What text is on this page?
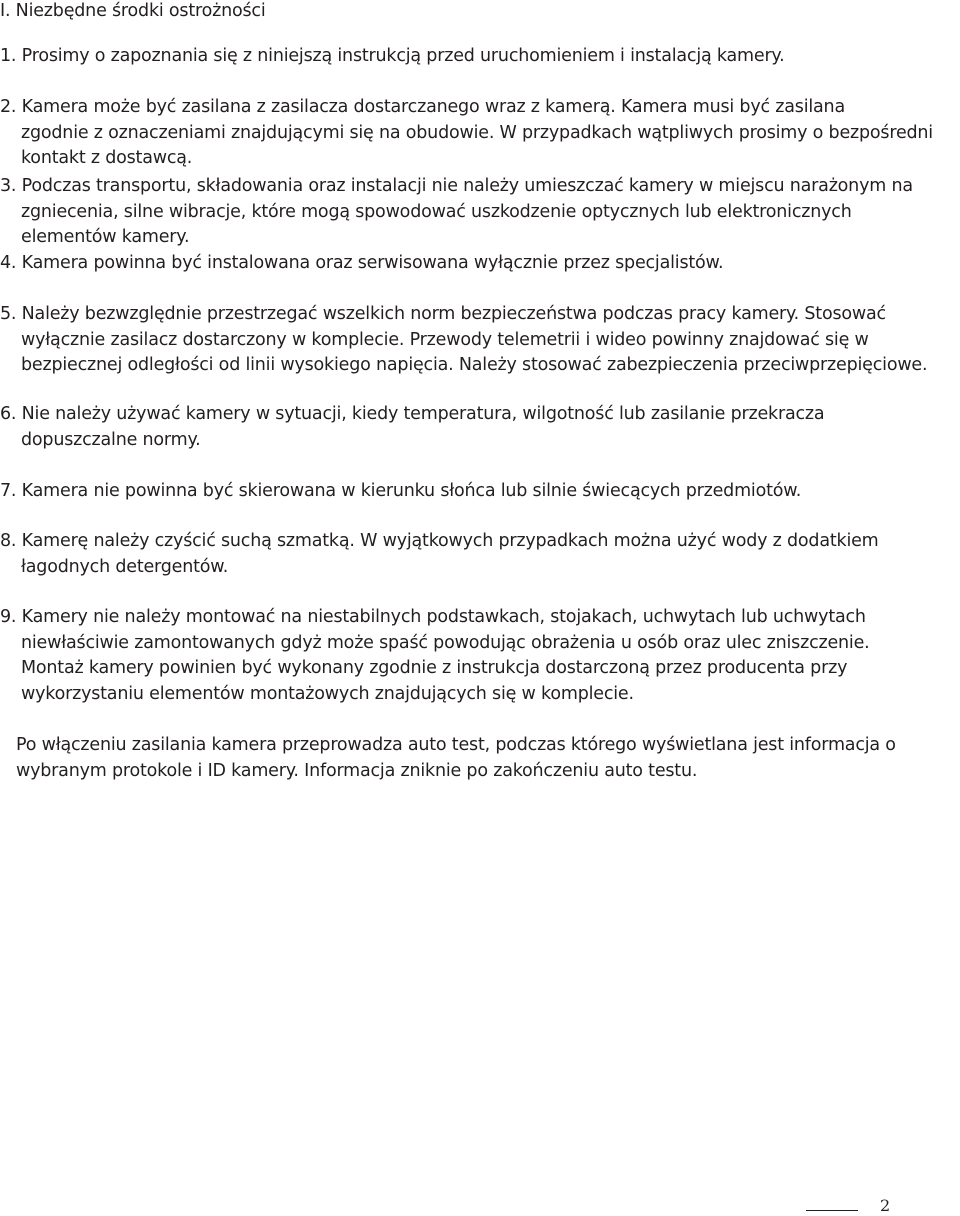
I. Niezbędne środki ostrożności
1. Prosimy o zapoznania się z niniejszą instrukcją przed uruchomieniem i instalacją kamery.
2. Kamera może być zasilana z zasilacza dostarczanego wraz z kamerą. Kamera musi być zasilana
zgodnie z oznaczeniami znajdującymi się na obudowie. W przypadkach wątpliwych prosimy o bezpośredni
kontakt z dostawcą.
3. Podczas transportu, składowania oraz instalacji nie należy umieszczać kamery w miejscu narażonym na
zgniecenia, silne wibracje, które mogą spowodować uszkodzenie optycznych lub elektronicznych
elementów kamery.
4. Kamera powinna być instalowana oraz serwisowana wyłącznie przez specjalistów.
5. Należy bezwzględnie przestrzegać wszelkich norm bezpieczeństwa podczas pracy kamery. Stosować
wyłącznie zasilacz dostarczony w komplecie. Przewody telemetrii i wideo powinny znajdować się w
bezpiecznej odległości od linii wysokiego napięcia. Należy stosować zabezpieczenia przeciwprzepięciowe.
6. Nie należy używać kamery w sytuacji, kiedy temperatura, wilgotność lub zasilanie przekracza
dopuszczalne normy.
7. Kamera nie powinna być skierowana w kierunku słońca lub silnie świecących przedmiotów.
8. Kamerę należy czyścić suchą szmatką. W wyjątkowych przypadkach można użyć wody z dodatkiem
łagodnych detergentów.
9. Kamery nie należy montować na niestabilnych podstawkach, stojakach, uchwytach lub uchwytach
niewłaściwie zamontowanych gdyż może spaść powodując obrażenia u osób oraz ulec zniszczenie.
Montaż kamery powinien być wykonany zgodnie z instrukcja dostarczoną przez producenta przy
wykorzystaniu elementów montażowych znajdujących się w komplecie.
Po włączeniu zasilania kamera przeprowadza auto test, podczas którego wyświetlana jest informacja o
wybranym protokole i ID kamery. Informacja zniknie po zakończeniu auto testu.
2
